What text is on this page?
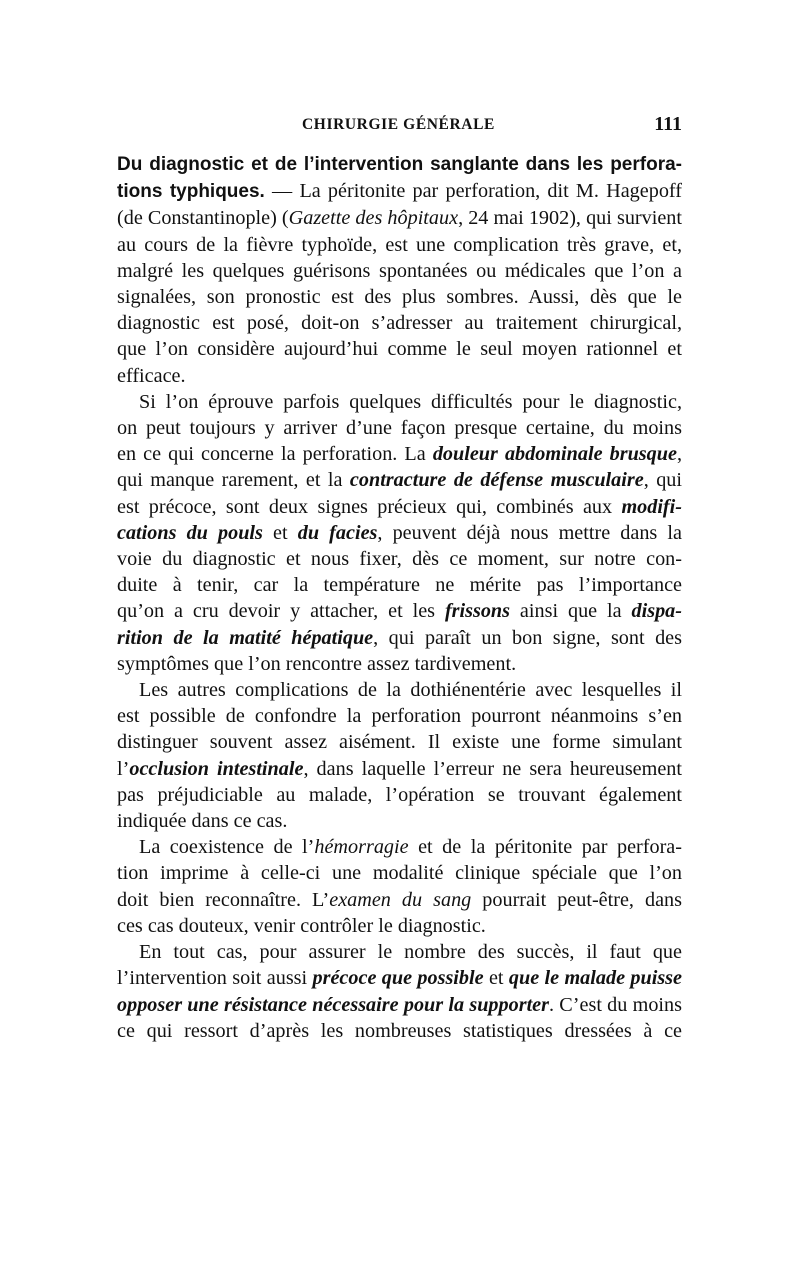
CHIRURGIE GÉNÉRALE	111
Du diagnostic et de l’intervention sanglante dans les perfora-
tions typhiques. — La péritonite par perforation, dit M. Hagepoff
(de Constantinople) (Gazette des hôpitaux, 24 mai 1902), qui survient
au cours de la fièvre typhoïde, est une complication très grave, et,
malgré les quelques guérisons spontanées ou médicales que l’on a
signalées, son pronostic est des plus sombres. Aussi, dès que le
diagnostic est posé, doit-on s’adresser au traitement chirurgical,
que l’on considère aujourd’hui comme le seul moyen rationnel et
efficace.
Si l’on éprouve parfois quelques difficultés pour le diagnostic,
on peut toujours y arriver d’une façon presque certaine, du moins
en ce qui concerne la perforation. La douleur abdominale brusque,
qui manque rarement, et la contracture de défense musculaire, qui
est précoce, sont deux signes précieux qui, combinés aux modifi-
cations du pouls et du facies, peuvent déjà nous mettre dans la
voie du diagnostic et nous fixer, dès ce moment, sur notre con-
duite à tenir, car la température ne mérite pas l’importance
qu’on a cru devoir y attacher, et les frissons ainsi que la dispa-
rition de la matité hépatique, qui paraît un bon signe, sont des
symptômes que l’on rencontre assez tardivement.
Les autres complications de la dothiénentérie avec lesquelles il
est possible de confondre la perforation pourront néanmoins s’en
distinguer souvent assez aisément. Il existe une forme simulant
l’occlusion intestinale, dans laquelle l’erreur ne sera heureusement
pas préjudiciable au malade, l’opération se trouvant également
indiquée dans ce cas.
La coexistence de l’hémorragie et de la péritonite par perfora-
tion imprime à celle-ci une modalité clinique spéciale que l’on
doit bien reconnaître. L’examen du sang pourrait peut-être, dans
ces cas douteux, venir contrôler le diagnostic.
En tout cas, pour assurer le nombre des succès, il faut que
l’intervention soit aussi précoce que possible et que le malade puisse
opposer une résistance nécessaire pour la supporter. C’est du moins
ce qui ressort d’après les nombreuses statistiques dressées à ce
